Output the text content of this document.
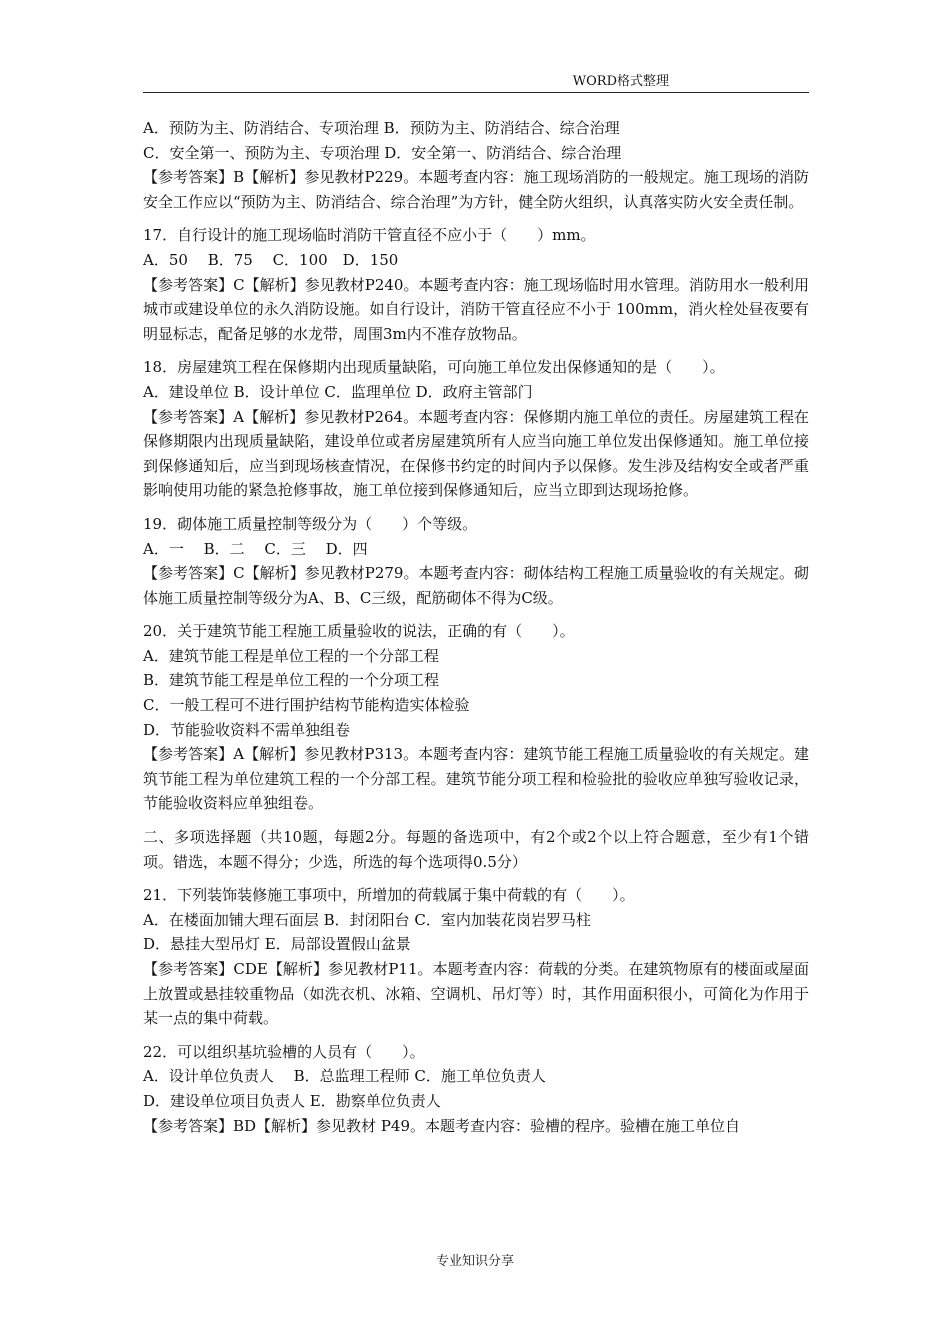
WORD格式整理

A．预防为主、防消结合、专项治理 B．预防为主、防消结合、综合治理

C．安全第一、预防为主、专项治理 D．安全第一、防消结合、综合治理

【参考答案】B【解析】参见教材P229。本题考查内容：施工现场消防的一般规定。施工现场的消防安全工作应以“预防为主、防消结合、综合治理”为方针，健全防火组织，认真落实防火安全责任制。

17．自行设计的施工现场临时消防干管直径不应小于（　　）mm。

A．50　 B．75　 C．100　D．150

【参考答案】C【解析】参见教材P240。本题考查内容：施工现场临时用水管理。消防用水一般利用城市或建设单位的永久消防设施。如自行设计，消防干管直径应不小于 100mm，消火栓处昼夜要有明显标志，配备足够的水龙带，周围3m内不准存放物品。

18．房屋建筑工程在保修期内出现质量缺陷，可向施工单位发出保修通知的是（　　）。

A．建设单位 B．设计单位 C．监理单位 D．政府主管部门

【参考答案】A【解析】参见教材P264。本题考查内容：保修期内施工单位的责任。房屋建筑工程在保修期限内出现质量缺陷，建设单位或者房屋建筑所有人应当向施工单位发出保修通知。施工单位接到保修通知后，应当到现场核查情况，在保修书约定的时间内予以保修。发生涉及结构安全或者严重影响使用功能的紧急抢修事故，施工单位接到保修通知后，应当立即到达现场抢修。

19．砌体施工质量控制等级分为（　　）个等级。

A．一　 B．二　 C．三　 D．四

【参考答案】C【解析】参见教材P279。本题考查内容：砌体结构工程施工质量验收的有关规定。砌体施工质量控制等级分为A、B、C三级，配筋砌体不得为C级。

20．关于建筑节能工程施工质量验收的说法，正确的有（　　）。

A．建筑节能工程是单位工程的一个分部工程

B．建筑节能工程是单位工程的一个分项工程

C．一般工程可不进行围护结构节能构造实体检验

D．节能验收资料不需单独组卷

【参考答案】A【解析】参见教材P313。本题考查内容：建筑节能工程施工质量验收的有关规定。建筑节能工程为单位建筑工程的一个分部工程。建筑节能分项工程和检验批的验收应单独写验收记录，节能验收资料应单独组卷。

二、多项选择题（共10题，每题2分。每题的备选项中，有2个或2个以上符合题意，至少有1个错项。错选，本题不得分；少选，所选的每个选项得0.5分）

21．下列装饰装修施工事项中，所增加的荷载属于集中荷载的有（　　）。

A．在楼面加铺大理石面层 B．封闭阳台 C．室内加装花岗岩罗马柱

D．悬挂大型吊灯 E．局部设置假山盆景

【参考答案】CDE【解析】参见教材P11。本题考查内容：荷载的分类。在建筑物原有的楼面或屋面上放置或悬挂较重物品（如洗衣机、冰箱、空调机、吊灯等）时，其作用面积很小，可简化为作用于某一点的集中荷载。

22．可以组织基坑验槽的人员有（　　）。

A．设计单位负责人　 B．总监理工程师 C．施工单位负责人

D．建设单位项目负责人 E．勘察单位负责人

【参考答案】BD【解析】参见教材 P49。本题考查内容：验槽的程序。验槽在施工单位自

专业知识分享
